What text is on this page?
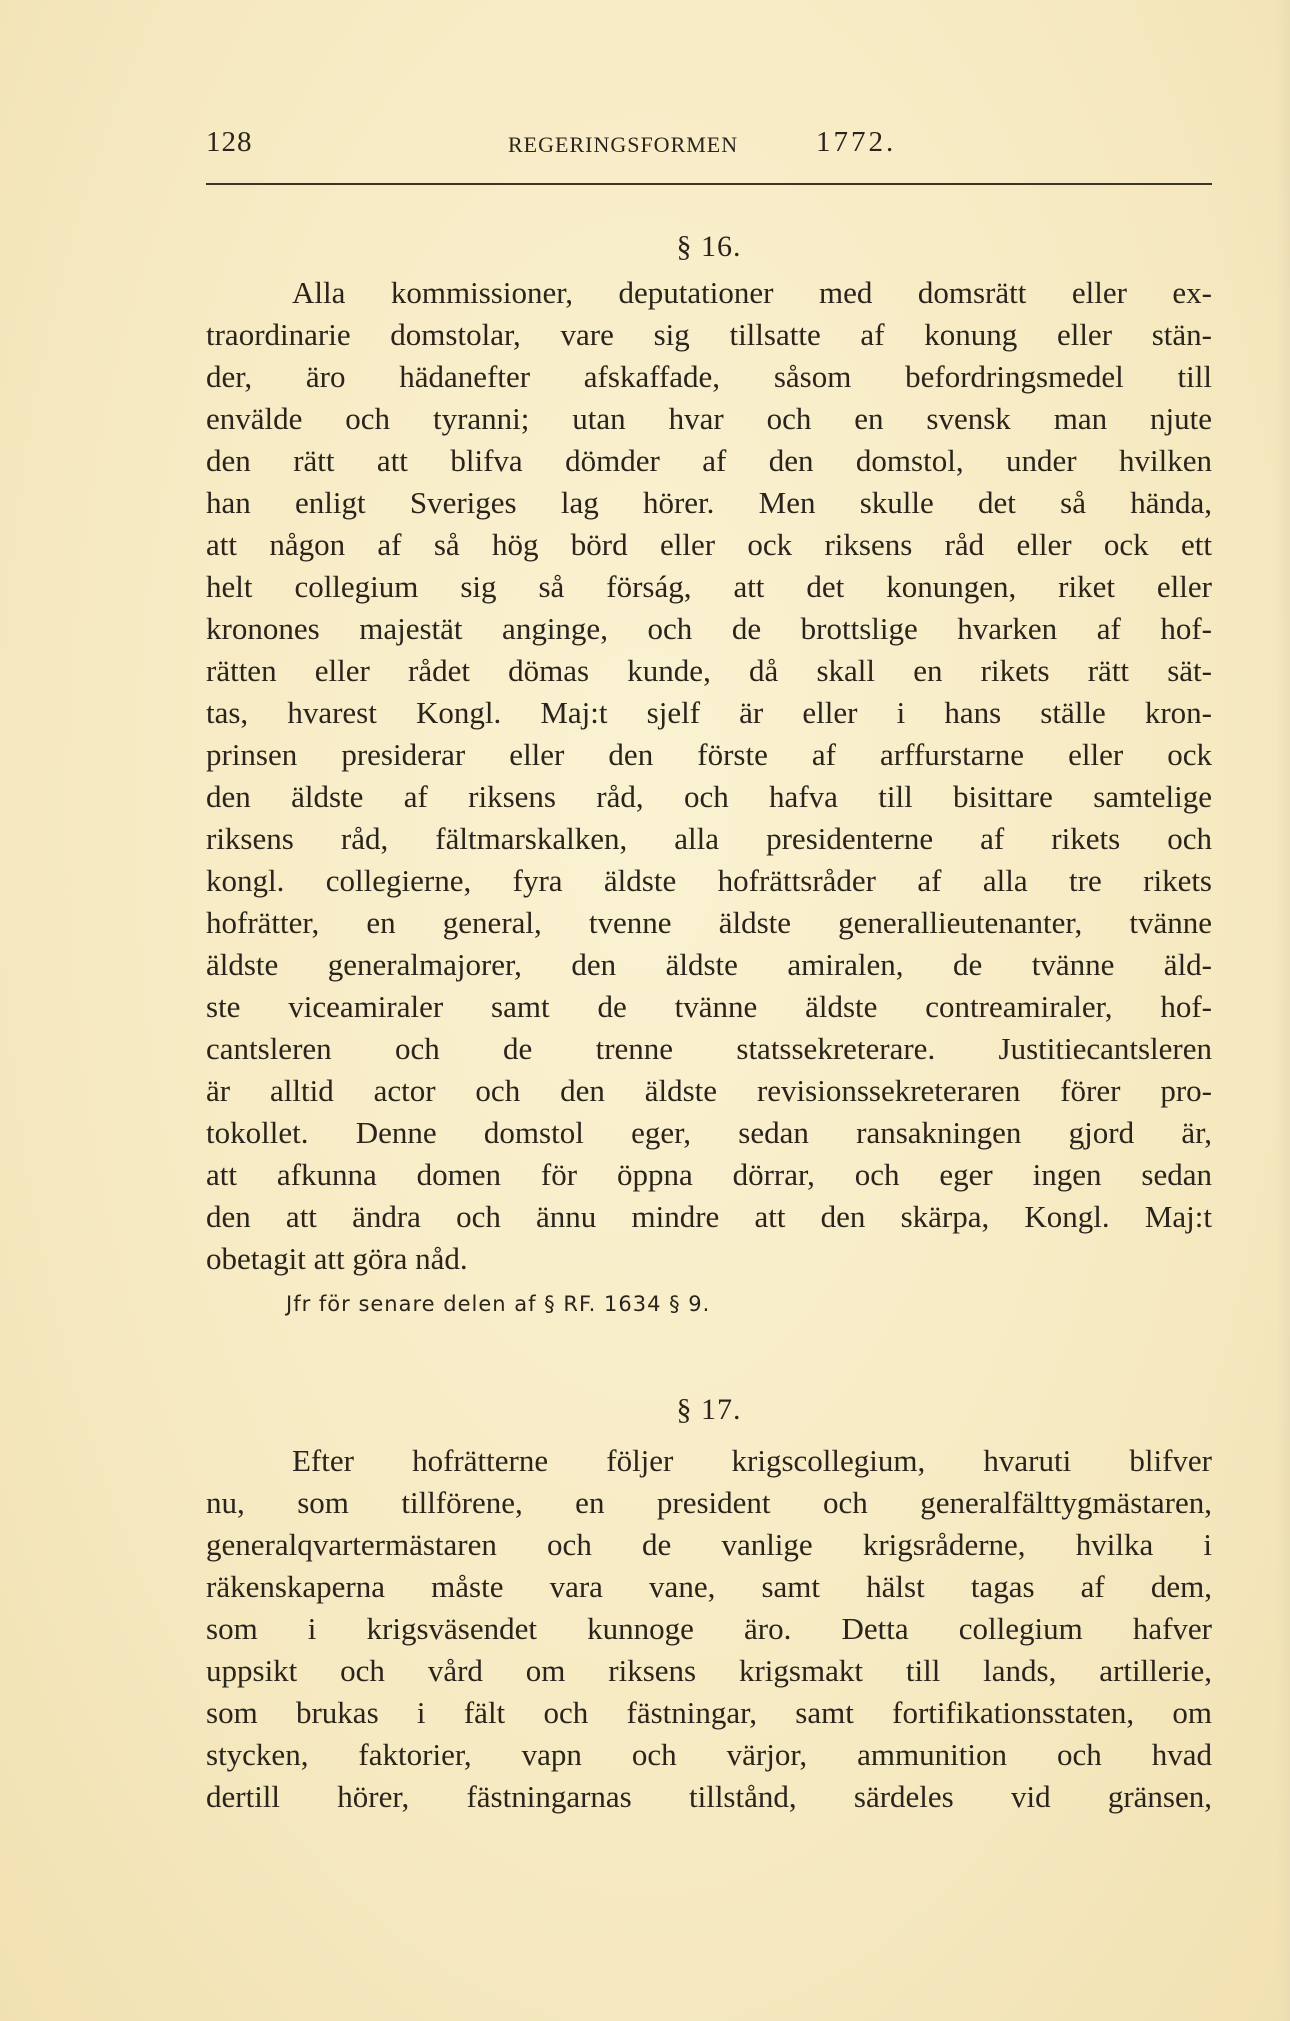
128	REGERINGSFORMEN	1772.
§ 16.
Alla kommissioner, deputationer med domsrätt eller ex-
traordinarie domstolar, vare sig tillsatte af konung eller stän-
der, äro hädanefter afskaffade, såsom befordringsmedel till
envälde och tyranni; utan hvar och en svensk man njute
den rätt att blifva dömder af den domstol, under hvilken
han enligt Sveriges lag hörer. Men skulle det så hända,
att någon af så hög börd eller ock riksens råd eller ock ett
helt collegium sig så förság, att det konungen, riket eller
kronones majestät anginge, och de brottslige hvarken af hof-
rätten eller rådet dömas kunde, då skall en rikets rätt sät-
tas, hvarest Kongl. Maj:t sjelf är eller i hans ställe kron-
prinsen presiderar eller den förste af arffurstarne eller ock
den äldste af riksens råd, och hafva till bisittare samtelige
riksens råd, fältmarskalken, alla presidenterne af rikets och
kongl. collegierne, fyra äldste hofrättsråder af alla tre rikets
hofrätter, en general, tvenne äldste generallieutenanter, tvänne
äldste generalmajorer, den äldste amiralen, de tvänne äld-
ste viceamiraler samt de tvänne äldste contreamiraler, hof-
cantsleren och de trenne statssekreterare. Justitiecantsleren
är alltid actor och den äldste revisionssekreteraren förer pro-
tokollet. Denne domstol eger, sedan ransakningen gjord är,
att afkunna domen för öppna dörrar, och eger ingen sedan
den att ändra och ännu mindre att den skärpa, Kongl. Maj:t
obetagit att göra nåd.
Jfr för senare delen af § RF. 1634 § 9.
§ 17.
Efter hofrätterne följer krigscollegium, hvaruti blifver
nu, som tillförene, en president och generalfälttygmästaren,
generalqvartermästaren och de vanlige krigsråderne, hvilka i
räkenskaperna måste vara vane, samt hälst tagas af dem,
som i krigsväsendet kunnoge äro. Detta collegium hafver
uppsikt och vård om riksens krigsmakt till lands, artillerie,
som brukas i fält och fästningar, samt fortifikationsstaten, om
stycken, faktorier, vapn och värjor, ammunition och hvad
dertill hörer, fästningarnas tillstånd, särdeles vid gränsen,
